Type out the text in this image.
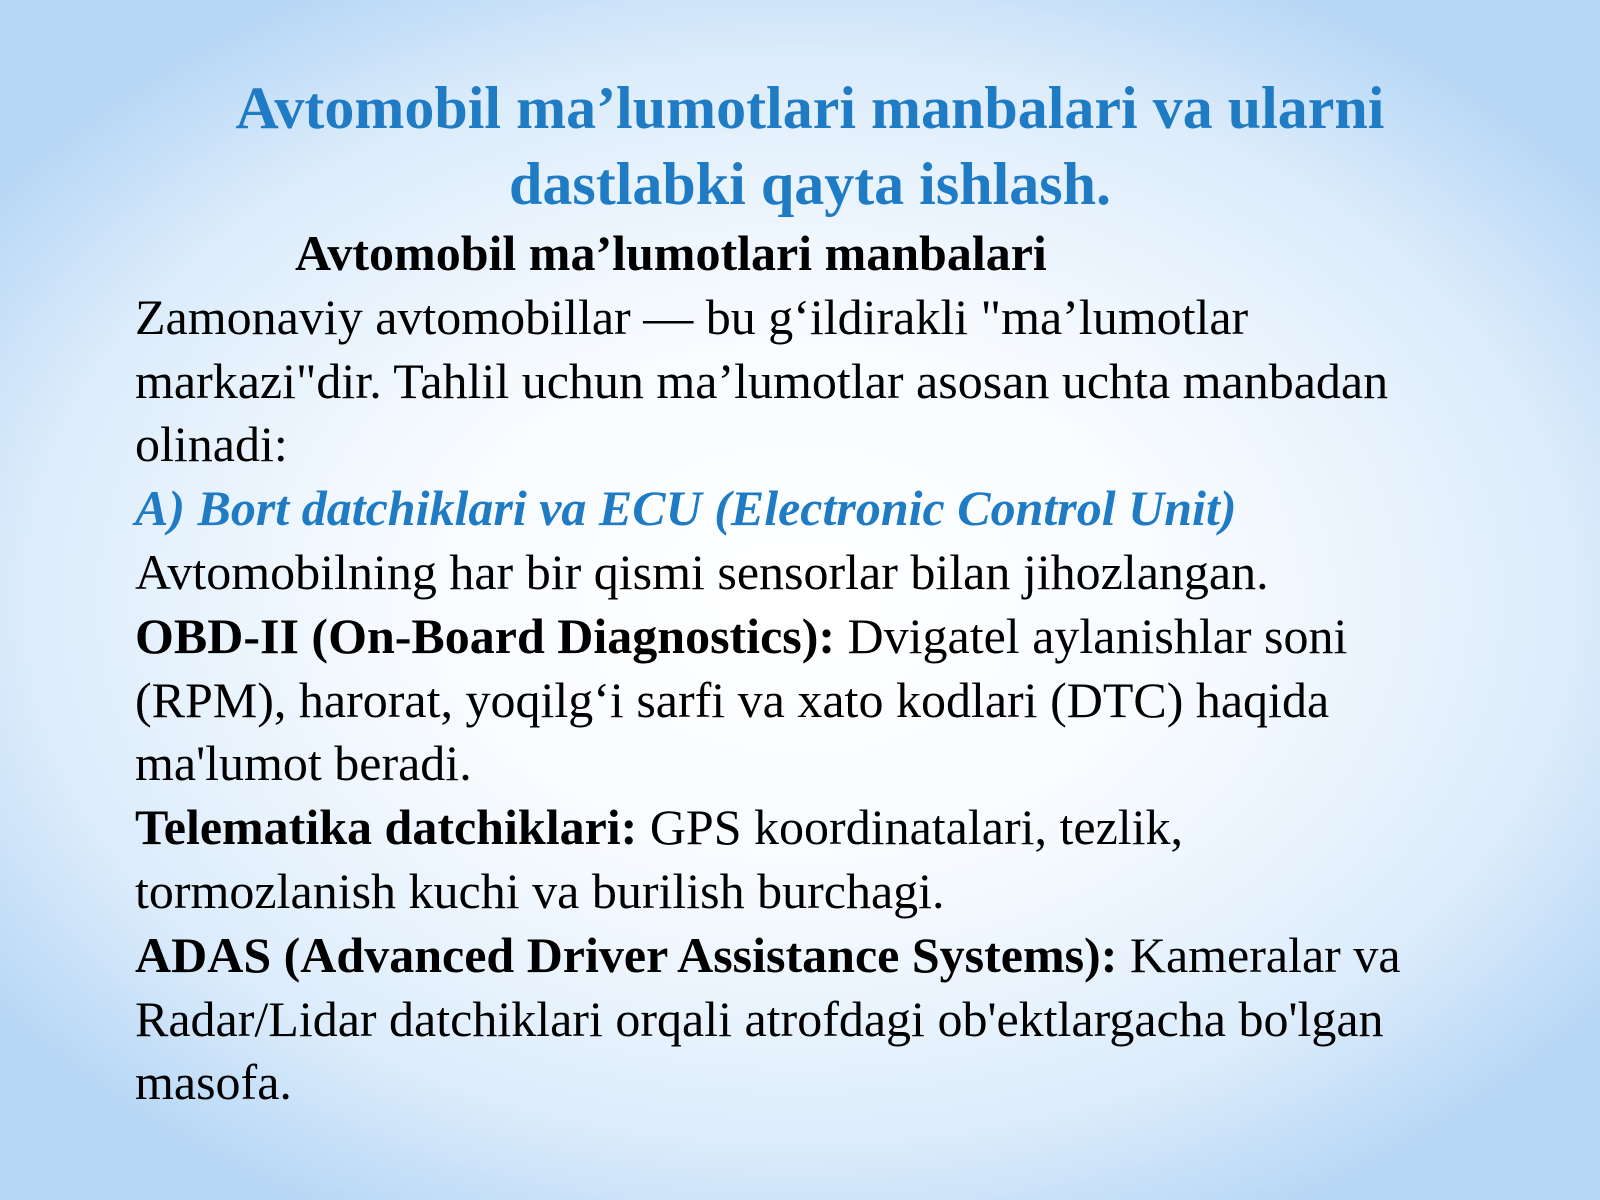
Avtomobil ma’lumotlari manbalari va ularni
dastlabki qayta ishlash.
Avtomobil ma’lumotlari manbalari
Zamonaviy avtomobillar — bu g‘ildirakli "ma’lumotlar
markazi"dir. Tahlil uchun ma’lumotlar asosan uchta manbadan
olinadi:
A) Bort datchiklari va ECU (Electronic Control Unit)
Avtomobilning har bir qismi sensorlar bilan jihozlangan.
OBD-II (On-Board Diagnostics): Dvigatel aylanishlar soni
(RPM), harorat, yoqilg‘i sarfi va xato kodlari (DTC) haqida
ma'lumot beradi.
Telematika datchiklari: GPS koordinatalari, tezlik,
tormozlanish kuchi va burilish burchagi.
ADAS (Advanced Driver Assistance Systems): Kameralar va
Radar/Lidar datchiklari orqali atrofdagi ob'ektlargacha bo'lgan
masofa.
